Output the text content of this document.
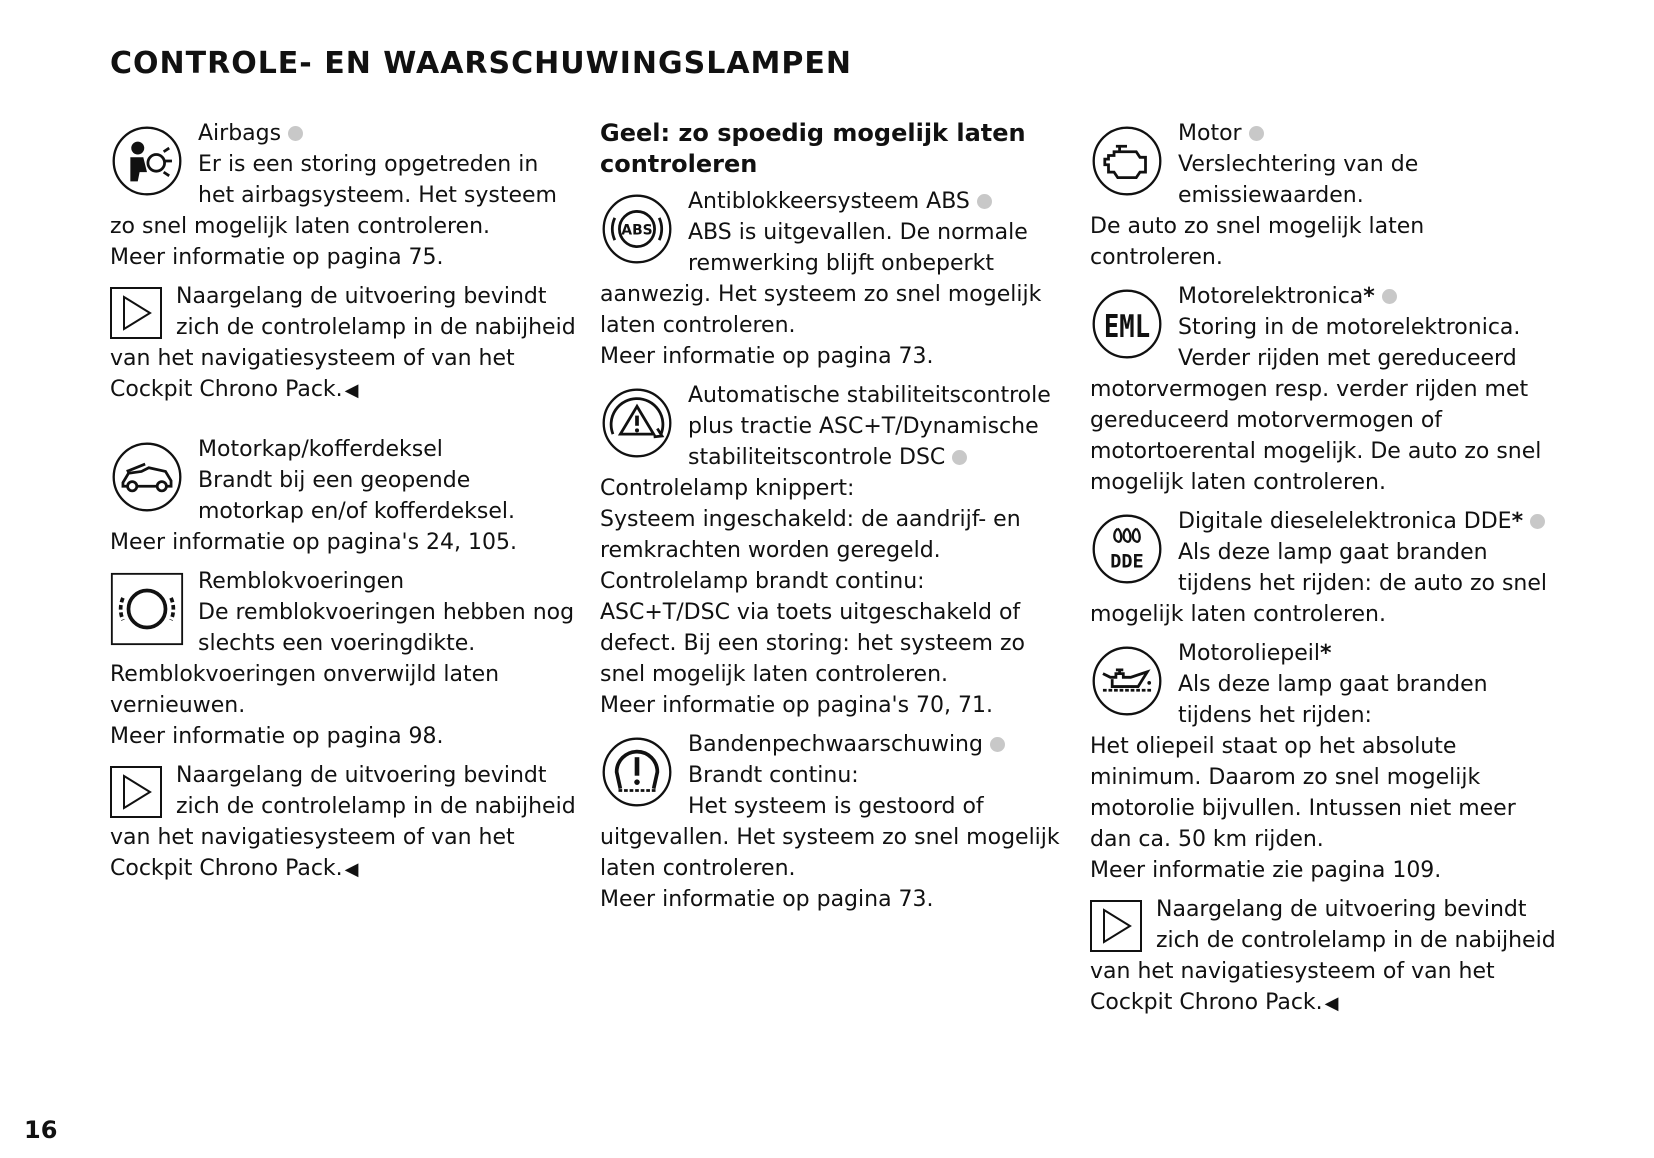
CONTROLE- EN WAARSCHUWINGSLAMPEN

Airbags

Er is een storing opgetreden in het airbagsysteem. Het systeem zo snel mogelijk laten controleren.

Meer informatie op pagina 75.

Naargelang de uitvoering bevindt zich de controlelamp in de nabijheid van het navigatiesysteem of van het Cockpit Chrono Pack. ◀

Motorkap/kofferdeksel

Brandt bij een geopende motorkap en/of kofferdeksel.

Meer informatie op pagina's 24, 105.

Remblokvoeringen

De remblokvoeringen hebben nog slechts een voeringdikte. Remblokvoeringen onverwijld laten vernieuwen.

Meer informatie op pagina 98.

Naargelang de uitvoering bevindt zich de controlelamp in de nabijheid van het navigatiesysteem of van het Cockpit Chrono Pack. ◀

Geel: zo spoedig mogelijk laten controleren

ABS

Antiblokkeersysteem ABS

ABS is uitgevallen. De normale remwerking blijft onbeperkt aanwezig. Het systeem zo snel mogelijk laten controleren.

Meer informatie op pagina 73.

Automatische stabiliteitscontrole plus tractie ASC+T/Dynamische stabiliteitscontrole DSC

Controlelamp knippert:

Systeem ingeschakeld: de aandrijf- en remkrachten worden geregeld.

Controlelamp brandt continu:

ASC+T/DSC via toets uitgeschakeld of defect. Bij een storing: het systeem zo snel mogelijk laten controleren.

Meer informatie op pagina's 70, 71.

Bandenpechwaarschuwing

Brandt continu:

Het systeem is gestoord of uitgevallen. Het systeem zo snel mogelijk laten controleren.

Meer informatie op pagina 73.

Motor

Verslechtering van de emissiewaarden.

De auto zo snel mogelijk laten controleren.

EML

Motorelektronica*

Storing in de motorelektronica. Verder rijden met gereduceerd motorvermogen resp. verder rijden met gereduceerd motorvermogen of motortoerental mogelijk. De auto zo snel mogelijk laten controleren.

DDE

Digitale dieselelektronica DDE*

Als deze lamp gaat branden tijdens het rijden: de auto zo snel mogelijk laten controleren.

Motoroliepeil*

Als deze lamp gaat branden tijdens het rijden:

Het oliepeil staat op het absolute minimum. Daarom zo snel mogelijk motorolie bijvullen. Intussen niet meer dan ca. 50 km rijden.

Meer informatie zie pagina 109.

Naargelang de uitvoering bevindt zich de controlelamp in de nabijheid van het navigatiesysteem of van het Cockpit Chrono Pack. ◀

16
